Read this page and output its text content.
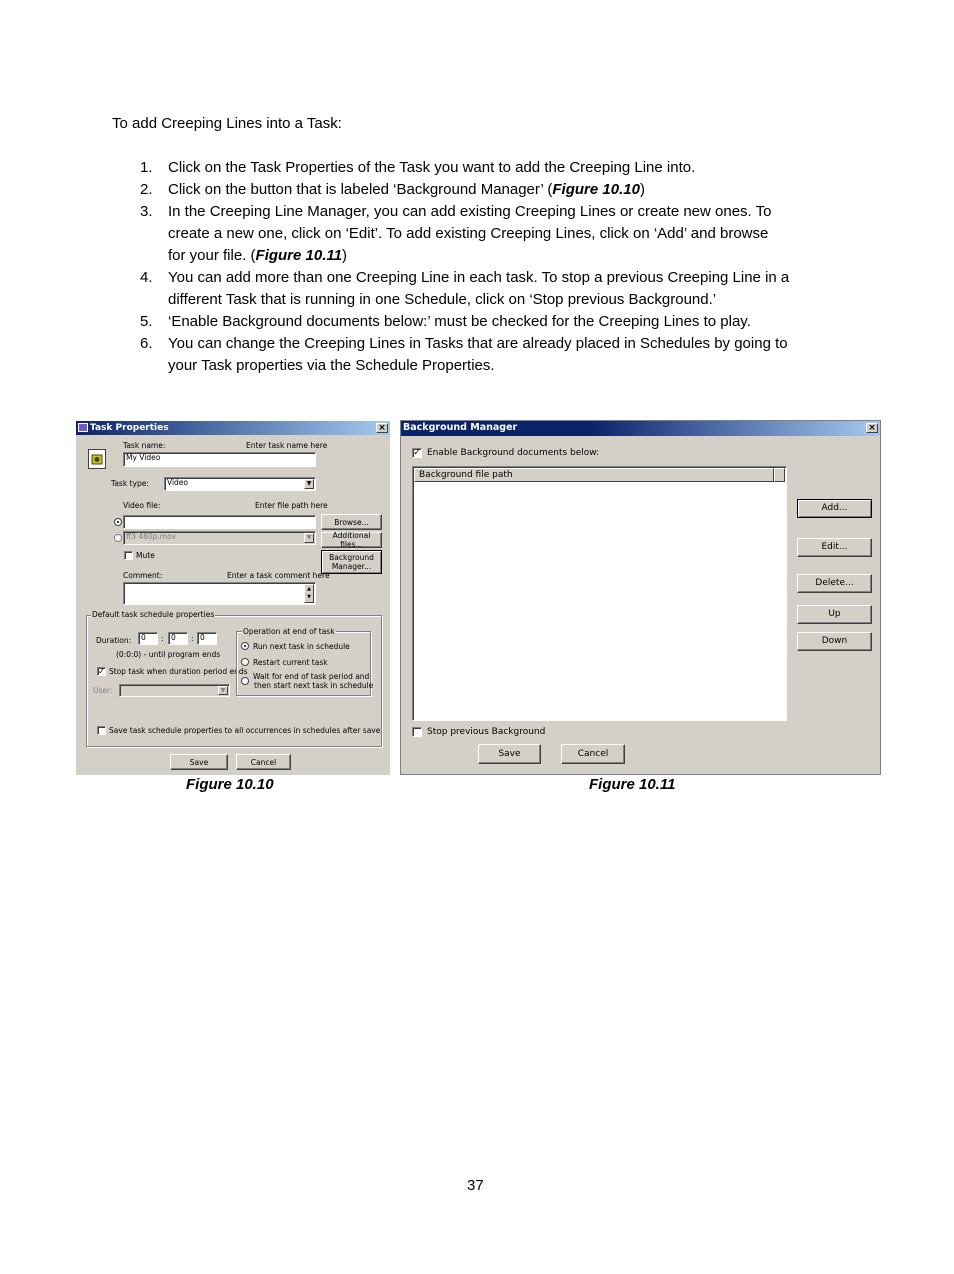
To add Creeping Lines into a Task:
1. Click on the Task Properties of the Task you want to add the Creeping Line into.
2. Click on the button that is labeled ‘Background Manager’ (Figure 10.10)
3. In the Creeping Line Manager, you can add existing Creeping Lines or create new ones. To
create a new one, click on ‘Edit’. To add existing Creeping Lines, click on ‘Add’ and browse
for your file. (Figure 10.11)
4. You can add more than one Creeping Line in each task. To stop a previous Creeping Line in a
different Task that is running in one Schedule, click on ‘Stop previous Background.’
5. ‘Enable Background documents below:’ must be checked for the Creeping Lines to play.
6. You can change the Creeping Lines in Tasks that are already placed in Schedules by going to
your Task properties via the Schedule Properties.
Task Properties	×
Task name:	Enter task name here
My Video
Task type:	Video	▼
Video file:	Enter file path here
Browse...
ff3 480p.mov	▼	Additional files...
Mute	Background
Manager...
Comment:	Enter a task comment here
▲
▼
Default task schedule properties
Duration:	0	: 0	: 0
(0:0:0) - until program ends
✓ Stop task when duration period ends
User:	▼
Operation at end of task
Run next task in schedule
Restart current task
Wait for end of task period and
then start next task in schedule
Save task schedule properties to all occurrences in schedules after save
Save	Cancel
Background Manager	×
✓ Enable Background documents below:
Background file path
Add...
Edit...
Delete...
Up
Down
Stop previous Background
Save	Cancel
Figure 10.10	Figure 10.11
37
